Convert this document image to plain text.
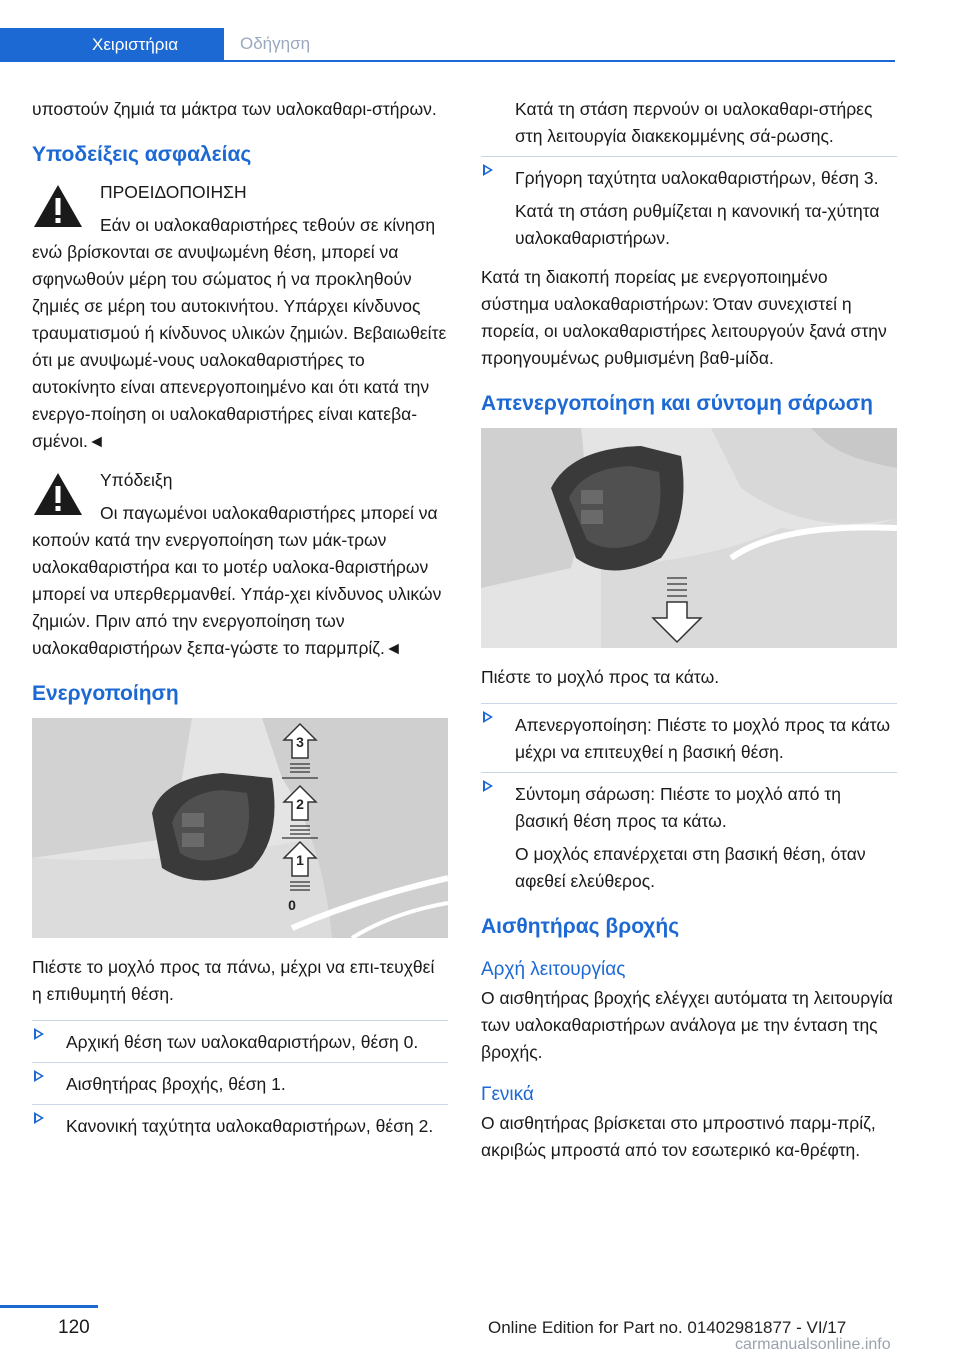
Χειριστήρια	Οδήγηση

υποστούν ζημιά τα μάκτρα των υαλοκαθαρι-στήρων.

Υποδείξεις ασφαλείας
ΠΡΟΕΙΔΟΠΟΙΗΣΗ
Εάν οι υαλοκαθαριστήρες τεθούν σε κίνηση ενώ βρίσκονται σε ανυψωμένη θέση, μπορεί να σφηνωθούν μέρη του σώματος ή να προκληθούν ζημιές σε μέρη του αυτοκινήτου. Υπάρχει κίνδυνος τραυματισμού ή κίνδυνος υλικών ζημιών. Βεβαιωθείτε ότι με ανυψωμέ-νους υαλοκαθαριστήρες το αυτοκίνητο είναι απενεργοποιημένο και ότι κατά την ενεργο-ποίηση οι υαλοκαθαριστήρες είναι κατεβα-σμένοι.◄
Υπόδειξη
Οι παγωμένοι υαλοκαθαριστήρες μπορεί να κοπούν κατά την ενεργοποίηση των μάκ-τρων υαλοκαθαριστήρα και το μοτέρ υαλοκα-θαριστήρων μπορεί να υπερθερμανθεί. Υπάρ-χει κίνδυνος υλικών ζημιών. Πριν από την ενεργοποίηση των υαλοκαθαριστήρων ξεπα-γώστε το παρμπρίζ.◄
Ενεργοποίηση
3
2
1
0

Πιέστε το μοχλό προς τα πάνω, μέχρι να επι-τευχθεί η επιθυμητή θέση.

Αρχική θέση των υαλοκαθαριστήρων, θέση 0.
Αισθητήρας βροχής, θέση 1.
Κανονική ταχύτητα υαλοκαθαριστήρων, θέση 2.
Κατά τη στάση περνούν οι υαλοκαθαρι-στήρες στη λειτουργία διακεκομμένης σά-ρωσης.
Γρήγορη ταχύτητα υαλοκαθαριστήρων, θέση 3.
Κατά τη στάση ρυθμίζεται η κανονική τα-χύτητα υαλοκαθαριστήρων.

Κατά τη διακοπή πορείας με ενεργοποιημένο σύστημα υαλοκαθαριστήρων: Όταν συνεχιστεί η πορεία, οι υαλοκαθαριστήρες λειτουργούν ξανά στην προηγουμένως ρυθμισμένη βαθ-μίδα.

Απενεργοποίηση και σύντομη σάρωση

Πιέστε το μοχλό προς τα κάτω.

Απενεργοποίηση: Πιέστε το μοχλό προς τα κάτω μέχρι να επιτευχθεί η βασική θέση.
Σύντομη σάρωση: Πιέστε το μοχλό από τη βασική θέση προς τα κάτω.
Ο μοχλός επανέρχεται στη βασική θέση, όταν αφεθεί ελεύθερος.
Αισθητήρας βροχής
Αρχή λειτουργίας

Ο αισθητήρας βροχής ελέγχει αυτόματα τη λειτουργία των υαλοκαθαριστήρων ανάλογα με την ένταση της βροχής.

Γενικά

Ο αισθητήρας βρίσκεται στο μπροστινό παρμ-πρίζ, ακριβώς μπροστά από τον εσωτερικό κα-θρέφτη.

120	Online Edition for Part no. 01402981877 - VI/17
carmanualsonline.info
